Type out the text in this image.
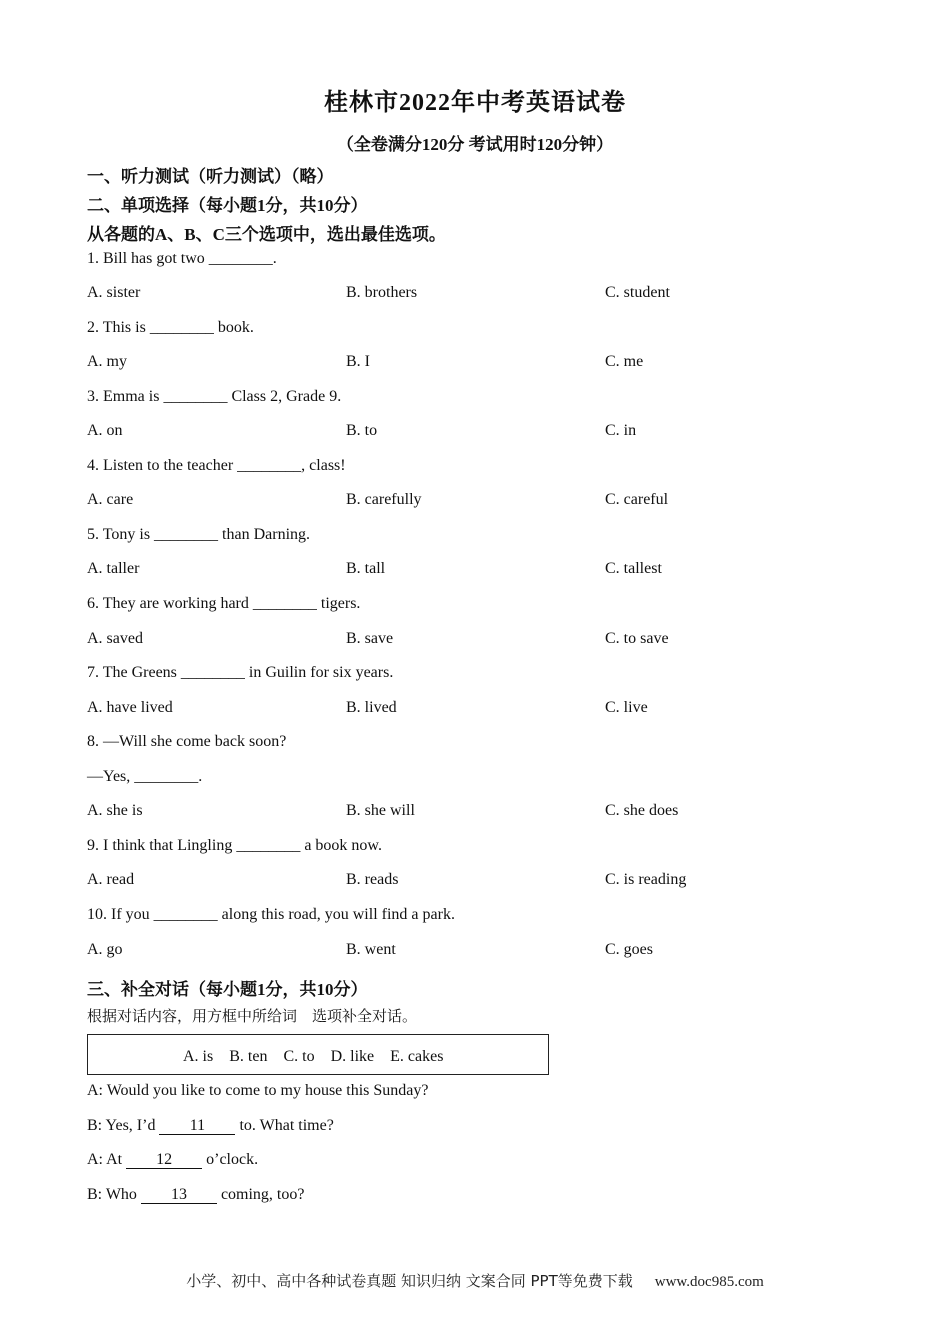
桂林市2022年中考英语试卷
（全卷满分120分 考试用时120分钟）
一、听力测试（听力测试）（略）
二、单项选择（每小题1分，共10分）
从各题的A、B、C三个选项中，选出最佳选项。
1. Bill has got two ________.
A. sister	B. brothers	C. student
2. This is ________ book.
A. my	B. I	C. me
3. Emma is ________ Class 2, Grade 9.
A. on	B. to	C. in
4. Listen to the teacher ________, class!
A. care	B. carefully	C. careful
5. Tony is ________ than Darning.
A. taller	B. tall	C. tallest
6. They are working hard ________ tigers.
A. saved	B. save	C. to save
7. The Greens ________ in Guilin for six years.
A. have lived	B. lived	C. live
8. —Will she come back soon?
—Yes, ________.
A. she is	B. she will	C. she does
9. I think that Lingling ________ a book now.
A. read	B. reads	C. is reading
10. If you ________ along this road, you will find a park.
A. go	B. went	C. goes
三、补全对话（每小题1分，共10分）
根据对话内容，用方框中所给词　选项补全对话。
A. is　B. ten　C. to　D. like　E. cakes
A: Would you like to come to my house this Sunday?
B: Yes, I’d 11 to. What time?
A: At 12 o’clock.
B: Who 13 coming, too?
小学、初中、高中各种试卷真题 知识归纳 文案合同 PPT等免费下载 www.doc985.com
